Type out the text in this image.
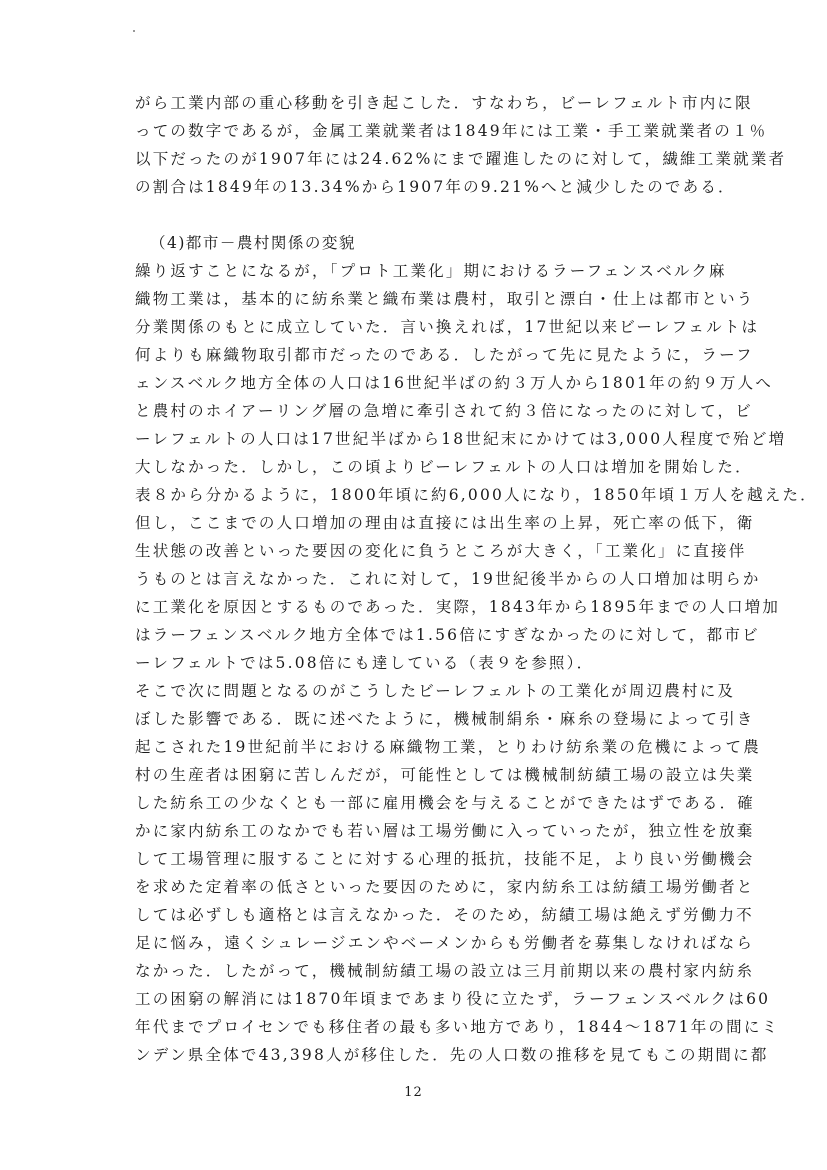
がら工業内部の重心移動を引き起こした．すなわち，ビーレフェルト市内に限
っての数字であるが，金属工業就業者は1849年には工業・手工業就業者の１％
以下だったのが1907年には24.62%にまで躍進したのに対して，繊維工業就業者
の割合は1849年の13.34%から1907年の9.21%へと減少したのである．
（4)都市－農村関係の変貌
繰り返すことになるが，「プロト工業化」期におけるラーフェンスベルク麻
織物工業は，基本的に紡糸業と織布業は農村，取引と漂白・仕上は都市という
分業関係のもとに成立していた．言い換えれば，17世紀以来ビーレフェルトは
何よりも麻織物取引都市だったのである．したがって先に見たように，ラーフ
ェンスベルク地方全体の人口は16世紀半ばの約３万人から1801年の約９万人へ
と農村のホイアーリング層の急増に牽引されて約３倍になったのに対して，ビ
ーレフェルトの人口は17世紀半ばから18世紀末にかけては3,000人程度で殆ど増
大しなかった．しかし，この頃よりビーレフェルトの人口は増加を開始した．
表８から分かるように，1800年頃に約6,000人になり，1850年頃１万人を越えた．
但し，ここまでの人口増加の理由は直接には出生率の上昇，死亡率の低下，衛
生状態の改善といった要因の変化に負うところが大きく，「工業化」に直接伴
うものとは言えなかった．これに対して，19世紀後半からの人口増加は明らか
に工業化を原因とするものであった．実際，1843年から1895年までの人口増加
はラーフェンスベルク地方全体では1.56倍にすぎなかったのに対して，都市ビ
ーレフェルトでは5.08倍にも達している（表９を参照）．
そこで次に問題となるのがこうしたビーレフェルトの工業化が周辺農村に及
ぼした影響である．既に述べたように，機械制絹糸・麻糸の登場によって引き
起こされた19世紀前半における麻織物工業，とりわけ紡糸業の危機によって農
村の生産者は困窮に苦しんだが，可能性としては機械制紡績工場の設立は失業
した紡糸工の少なくとも一部に雇用機会を与えることができたはずである．確
かに家内紡糸工のなかでも若い層は工場労働に入っていったが，独立性を放棄
して工場管理に服することに対する心理的抵抗，技能不足，より良い労働機会
を求めた定着率の低さといった要因のために，家内紡糸工は紡績工場労働者と
しては必ずしも適格とは言えなかった．そのため，紡績工場は絶えず労働力不
足に悩み，遠くシュレージエンやベーメンからも労働者を募集しなければなら
なかった．したがって，機械制紡績工場の設立は三月前期以来の農村家内紡糸
工の困窮の解消には1870年頃まであまり役に立たず，ラーフェンスベルクは60
年代までプロイセンでも移住者の最も多い地方であり，1844～1871年の間にミ
ンデン県全体で43,398人が移住した．先の人口数の推移を見てもこの期間に都
12
